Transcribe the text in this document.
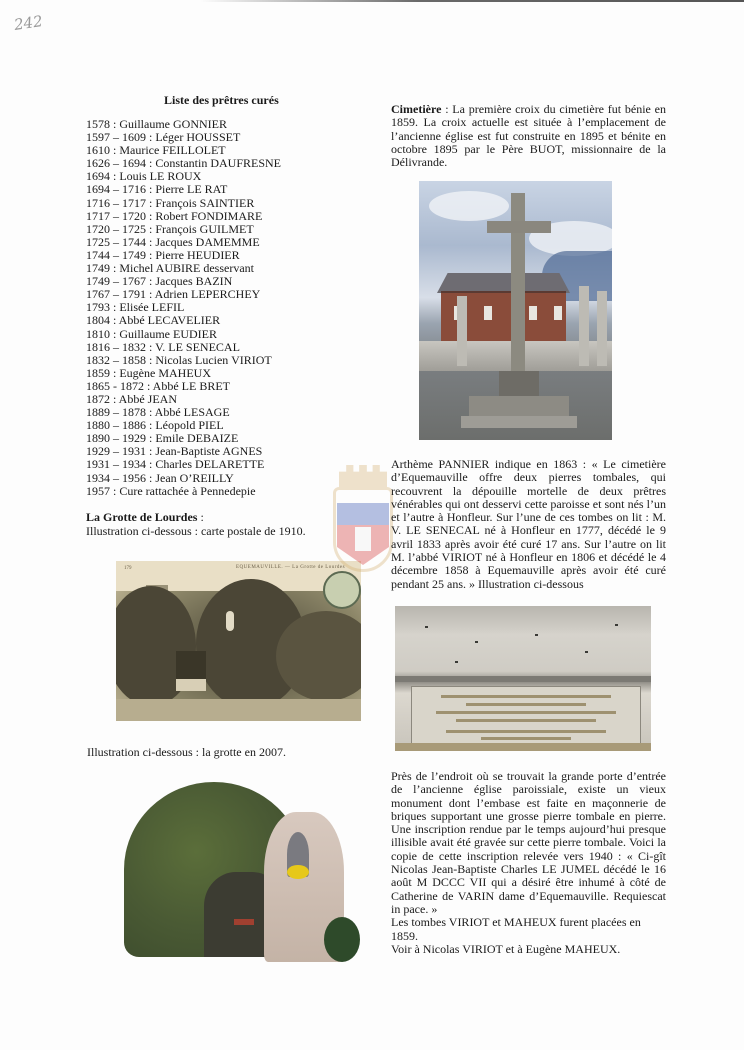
242
Liste des prêtres curés
1578 : Guillaume GONNIER
1597 – 1609 : Léger HOUSSET
1610 : Maurice FEILLOLET
1626 – 1694 : Constantin DAUFRESNE
1694 : Louis LE ROUX
1694 – 1716 : Pierre LE RAT
1716 – 1717 : François SAINTIER
1717 – 1720 : Robert FONDIMARE
1720 – 1725 : François GUILMET
1725 – 1744 : Jacques DAMEMME
1744 – 1749 : Pierre HEUDIER
1749 : Michel AUBIRE desservant
1749 – 1767 : Jacques BAZIN
1767 – 1791 : Adrien LEPERCHEY
1793 : Elisée LEFIL
1804 : Abbé LECAVELIER
1810 : Guillaume EUDIER
1816 – 1832 : V. LE SENECAL
1832 – 1858 : Nicolas Lucien VIRIOT
1859 : Eugène MAHEUX
1865 - 1872 : Abbé LE BRET
1872 : Abbé JEAN
1889 – 1878 : Abbé LESAGE
1880 – 1886 : Léopold PIEL
1890 – 1929 : Emile DEBAIZE
1929 – 1931 : Jean-Baptiste AGNES
1931 – 1934 : Charles DELARETTE
1934 – 1956 : Jean O’REILLY
1957 : Cure rattachée à Pennedepie
La Grotte de Lourdes :
Illustration ci-dessous : carte postale de 1910.
179	EQUEMAUVILLE. — La Grotte de Lourdes
Illustration ci-dessous : la grotte en 2007.
Cimetière : La première croix du cimetière fut bénie en 1859. La croix actuelle est située à l’emplacement de l’ancienne église est fut construite en 1895 et bénite en octobre 1895 par le Père BUOT, missionnaire de la Délivrande.
Arthème PANNIER indique en 1863 : « Le cimetière d’Equemauville offre deux pierres tombales, qui recouvrent la dépouille mortelle de deux prêtres vénérables qui ont desservi cette paroisse et sont nés l’un et l’autre à Honfleur. Sur l’une de ces tombes on lit : M. V. LE SENECAL né à Honfleur en 1777, décédé le 9 avril 1833 après avoir été curé 17 ans. Sur l’autre on lit M. l’abbé VIRIOT né à Honfleur en 1806 et décédé le 4 décembre 1858 à Equemauville après avoir été curé pendant 25 ans. » Illustration ci-dessous
Près de l’endroit où se trouvait la grande porte d’entrée de l’ancienne église paroissiale, existe un vieux monument dont l’embase est faite en maçonnerie de briques supportant une grosse pierre tombale en pierre. Une inscription rendue par le temps aujourd’hui presque illisible avait été gravée sur cette pierre tombale. Voici la copie de cette inscription relevée vers 1940 : « Ci-gît Nicolas Jean-Baptiste Charles LE JUMEL décédé le 16 août M DCCC VII qui a désiré être inhumé à côté de Catherine de VARIN dame d’Equemauville. Requiescat in pace. »
Les tombes VIRIOT et MAHEUX furent placées en 1859.
Voir à Nicolas VIRIOT et à Eugène MAHEUX.
